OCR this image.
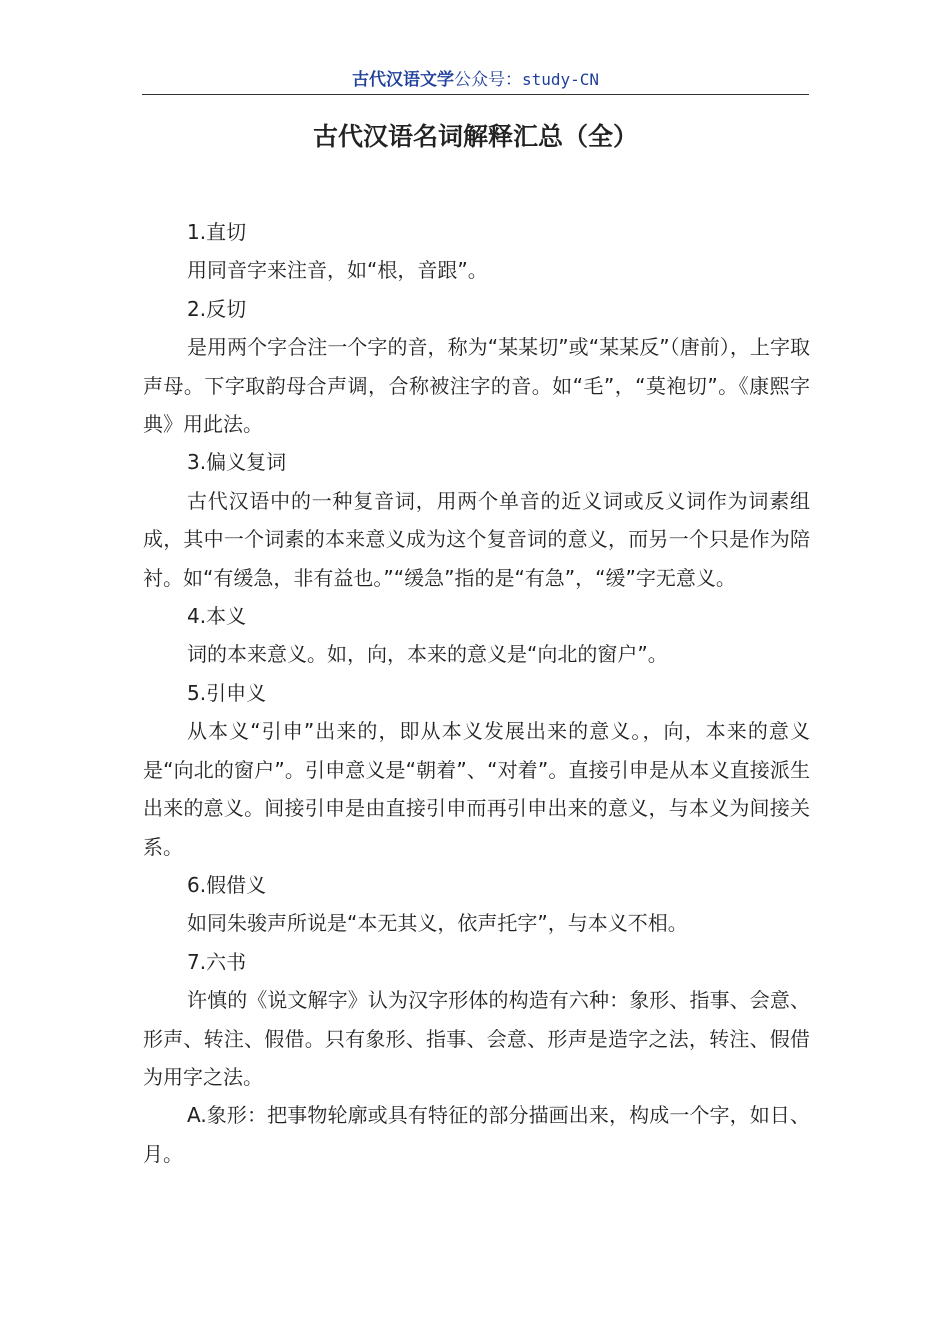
古代汉语文学公众号：study-CN
古代汉语名词解释汇总（全）

1.直切

用同音字来注音，如“根，音跟”。

2.反切

是用两个字合注一个字的音，称为“某某切”或“某某反”（唐前），上字取声母。下字取韵母合声调，合称被注字的音。如“毛”，“莫袍切”。《康熙字典》用此法。

3.偏义复词

古代汉语中的一种复音词，用两个单音的近义词或反义词作为词素组成，其中一个词素的本来意义成为这个复音词的意义，而另一个只是作为陪衬。如“有缓急，非有益也。”“缓急”指的是“有急”，“缓”字无意义。

4.本义

词的本来意义。如，向，本来的意义是“向北的窗户”。

5.引申义

从本义“引申”出来的，即从本义发展出来的意义。，向，本来的意义是“向北的窗户”。引申意义是“朝着”、“对着”。直接引申是从本义直接派生出来的意义。间接引申是由直接引申而再引申出来的意义，与本义为间接关系。

6.假借义

如同朱骏声所说是“本无其义，依声托字”，与本义不相。

7.六书

许慎的《说文解字》认为汉字形体的构造有六种：象形、指事、会意、形声、转注、假借。只有象形、指事、会意、形声是造字之法，转注、假借为用字之法。

A.象形：把事物轮廓或具有特征的部分描画出来，构成一个字，如日、月。
